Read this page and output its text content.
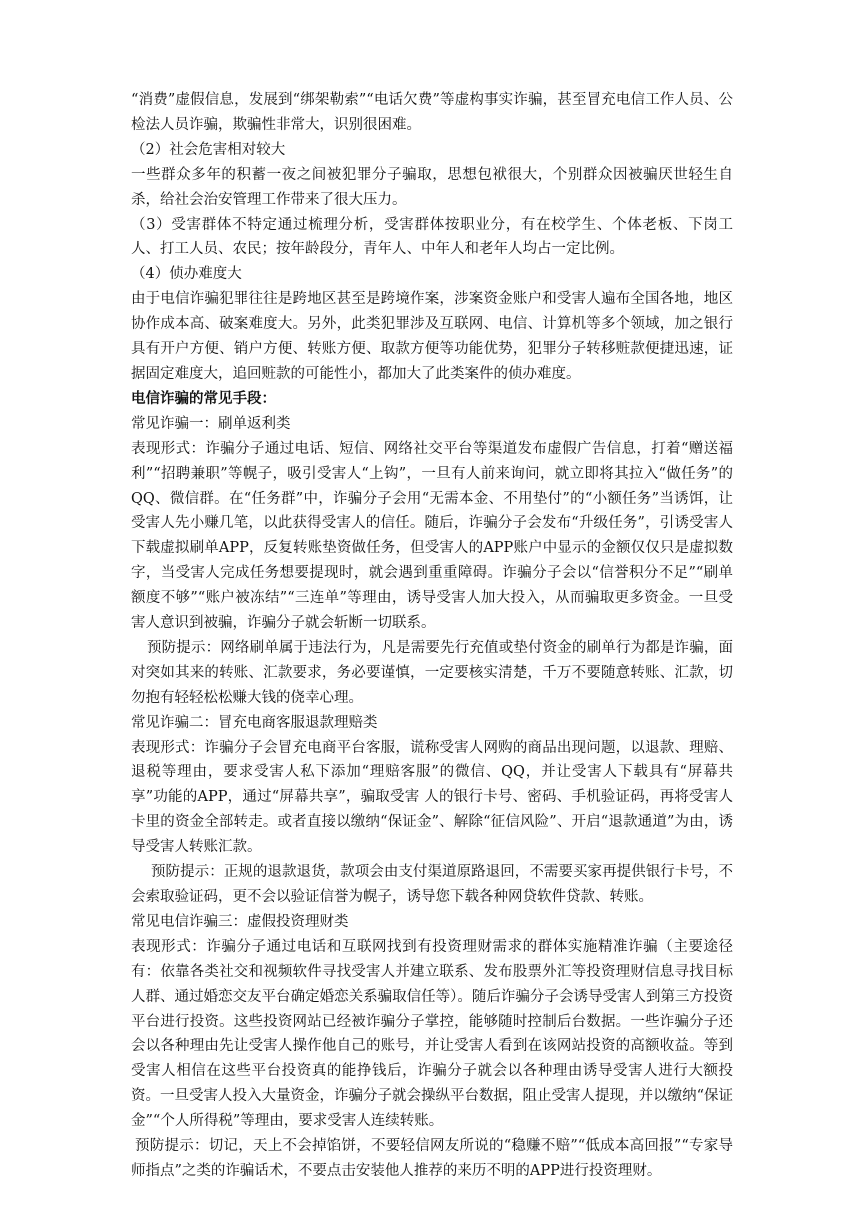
“消费”虚假信息，发展到“绑架勒索”“电话欠费”等虚构事实诈骗，甚至冒充电信工作人员、公检法人员诈骗，欺骗性非常大，识别很困难。

（2）社会危害相对较大

一些群众多年的积蓄一夜之间被犯罪分子骗取，思想包袱很大，个别群众因被骗厌世轻生自杀，给社会治安管理工作带来了很大压力。

（3）受害群体不特定通过梳理分析，受害群体按职业分，有在校学生、个体老板、下岗工人、打工人员、农民；按年龄段分，青年人、中年人和老年人均占一定比例。

（4）侦办难度大

由于电信诈骗犯罪往往是跨地区甚至是跨境作案，涉案资金账户和受害人遍布全国各地，地区协作成本高、破案难度大。另外，此类犯罪涉及互联网、电信、计算机等多个领域，加之银行具有开户方便、销户方便、转账方便、取款方便等功能优势，犯罪分子转移赃款便捷迅速，证据固定难度大，追回赃款的可能性小，都加大了此类案件的侦办难度。

电信诈骗的常见手段：

常见诈骗一：刷单返利类

表现形式：诈骗分子通过电话、短信、网络社交平台等渠道发布虚假广告信息，打着“赠送福利”“招聘兼职”等幌子，吸引受害人“上钩”，一旦有人前来询问，就立即将其拉入“做任务”的QQ、微信群。在“任务群”中，诈骗分子会用“无需本金、不用垫付”的“小额任务”当诱饵，让受害人先小赚几笔，以此获得受害人的信任。随后，诈骗分子会发布“升级任务”，引诱受害人下载虚拟刷单APP，反复转账垫资做任务，但受害人的APP账户中显示的金额仅仅只是虚拟数字，当受害人完成任务想要提现时，就会遇到重重障碍。诈骗分子会以“信誉积分不足”“刷单额度不够”“账户被冻结”“三连单”等理由，诱导受害人加大投入，从而骗取更多资金。一旦受害人意识到被骗，诈骗分子就会斩断一切联系。

预防提示：网络刷单属于违法行为，凡是需要先行充值或垫付资金的刷单行为都是诈骗，面对突如其来的转账、汇款要求，务必要谨慎，一定要核实清楚，千万不要随意转账、汇款，切勿抱有轻轻松松赚大钱的侥幸心理。

常见诈骗二：冒充电商客服退款理赔类

表现形式：诈骗分子会冒充电商平台客服，谎称受害人网购的商品出现问题，以退款、理赔、退税等理由，要求受害人私下添加“理赔客服”的微信、QQ，并让受害人下载具有“屏幕共享”功能的APP，通过“屏幕共享”，骗取受害 人的银行卡号、密码、手机验证码，再将受害人卡里的资金全部转走。或者直接以缴纳“保证金”、解除“征信风险”、开启“退款通道”为由，诱导受害人转账汇款。

预防提示：正规的退款退货，款项会由支付渠道原路退回，不需要买家再提供银行卡号，不会索取验证码，更不会以验证信誉为幌子，诱导您下载各种网贷软件贷款、转账。

常见电信诈骗三：虚假投资理财类

表现形式：诈骗分子通过电话和互联网找到有投资理财需求的群体实施精准诈骗（主要途径有：依靠各类社交和视频软件寻找受害人并建立联系、发布股票外汇等投资理财信息寻找目标人群、通过婚恋交友平台确定婚恋关系骗取信任等）。随后诈骗分子会诱导受害人到第三方投资平台进行投资。这些投资网站已经被诈骗分子掌控，能够随时控制后台数据。一些诈骗分子还会以各种理由先让受害人操作他自己的账号，并让受害人看到在该网站投资的高额收益。等到受害人相信在这些平台投资真的能挣钱后，诈骗分子就会以各种理由诱导受害人进行大额投资。一旦受害人投入大量资金，诈骗分子就会操纵平台数据，阻止受害人提现，并以缴纳“保证金”“个人所得税”等理由，要求受害人连续转账。

预防提示：切记，天上不会掉馅饼，不要轻信网友所说的“稳赚不赔”“低成本高回报”“专家导师指点”之类的诈骗话术，不要点击安装他人推荐的来历不明的APP进行投资理财。
